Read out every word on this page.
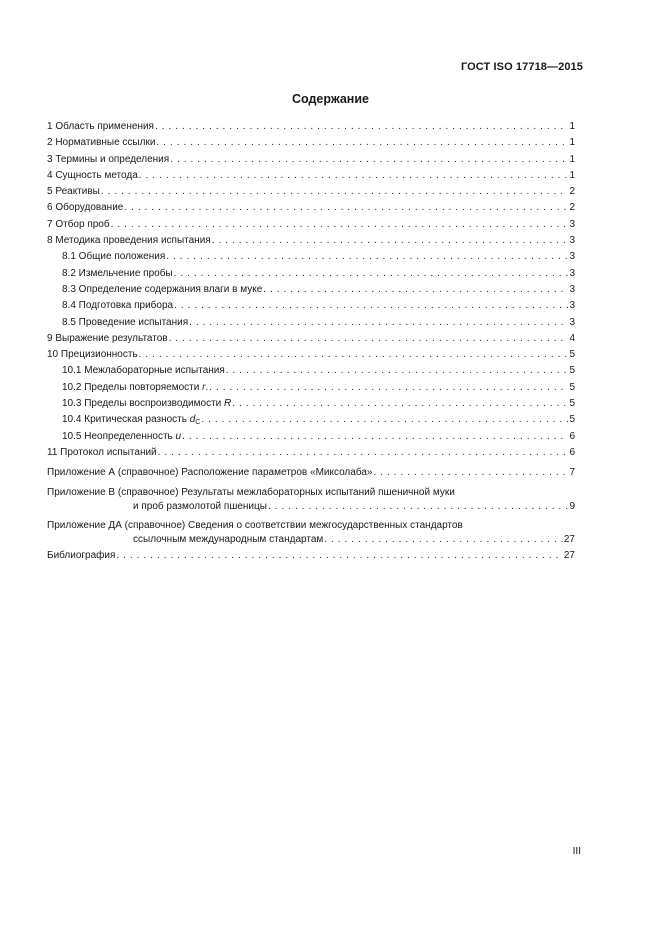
ГОСТ ISO 17718—2015
Содержание
1 Область применения . . .	1
2 Нормативные ссылки . . .	1
3 Термины и определения . . .	1
4 Сущность метода . . .	1
5 Реактивы . . .	2
6 Оборудование . . .	2
7 Отбор проб . . .	3
8 Методика проведения испытания . . .	3
8.1 Общие положения . . .	3
8.2 Измельчение пробы . . .	3
8.3 Определение содержания влаги в муке . . .	3
8.4 Подготовка прибора . . .	3
8.5 Проведение испытания . . .	3
9 Выражение результатов . . .	4
10 Прецизионность . . .	5
10.1 Межлабораторные испытания . . .	5
10.2 Пределы повторяемости r. . . .	5
10.3 Пределы воспроизводимости R . . .	5
10.4 Критическая разность $d_C$ . . .	5
10.5 Неопределенность u . . .	6
11 Протокол испытаний . . .	6
Приложение А (справочное) Расположение параметров «Миксолаба» . . .	7
Приложение В (справочное) Результаты межлабораторных испытаний пшеничной муки
и проб размолотой пшеницы . . .	9
Приложение ДА (справочное) Сведения о соответствии межгосударственных стандартов
ссылочным международным стандартам . . .	27
Библиография . . .	27
III
